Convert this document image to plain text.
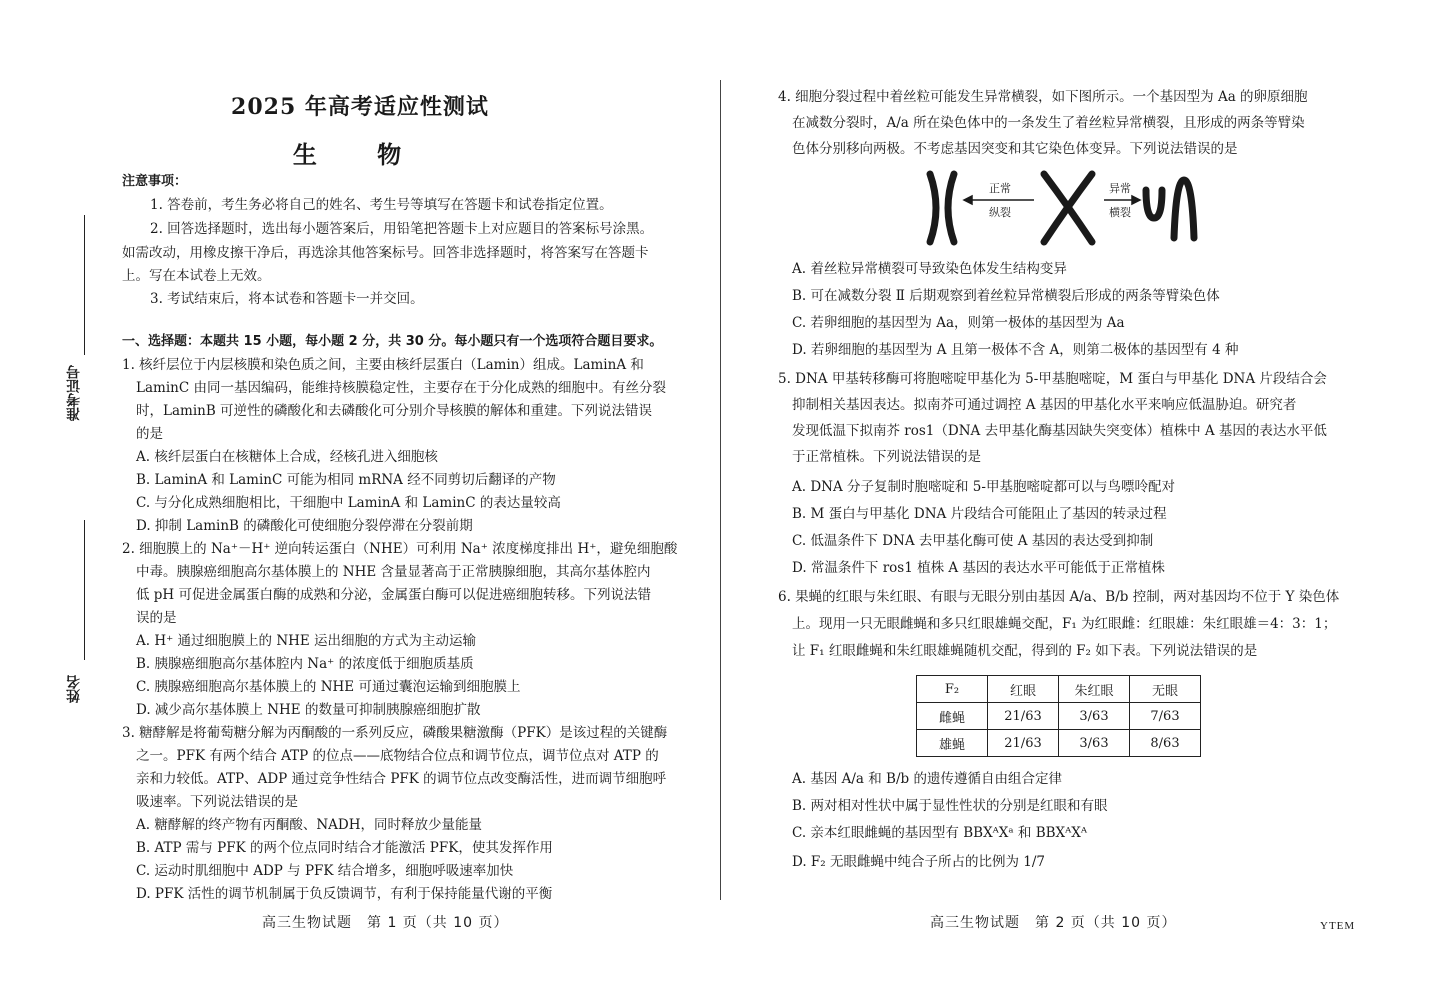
准考证号
姓名
2025 年高考适应性测试
生 物
注意事项：
1. 答卷前，考生务必将自己的姓名、考生号等填写在答题卡和试卷指定位置。
2. 回答选择题时，选出每小题答案后，用铅笔把答题卡上对应题目的答案标号涂黑。
如需改动，用橡皮擦干净后，再选涂其他答案标号。回答非选择题时，将答案写在答题卡
上。写在本试卷上无效。
3. 考试结束后，将本试卷和答题卡一并交回。
一、选择题：本题共 15 小题，每小题 2 分，共 30 分。每小题只有一个选项符合题目要求。
1. 核纤层位于内层核膜和染色质之间，主要由核纤层蛋白（Lamin）组成。LaminA 和
LaminC 由同一基因编码，能维持核膜稳定性，主要存在于分化成熟的细胞中。有丝分裂
时，LaminB 可逆性的磷酸化和去磷酸化可分别介导核膜的解体和重建。下列说法错误
的是
A. 核纤层蛋白在核糖体上合成，经核孔进入细胞核
B. LaminA 和 LaminC 可能为相同 mRNA 经不同剪切后翻译的产物
C. 与分化成熟细胞相比，干细胞中 LaminA 和 LaminC 的表达量较高
D. 抑制 LaminB 的磷酸化可使细胞分裂停滞在分裂前期
2. 细胞膜上的 Na⁺－H⁺ 逆向转运蛋白（NHE）可利用 Na⁺ 浓度梯度排出 H⁺，避免细胞酸
中毒。胰腺癌细胞高尔基体膜上的 NHE 含量显著高于正常胰腺细胞，其高尔基体腔内
低 pH 可促进金属蛋白酶的成熟和分泌，金属蛋白酶可以促进癌细胞转移。下列说法错
误的是
A. H⁺ 通过细胞膜上的 NHE 运出细胞的方式为主动运输
B. 胰腺癌细胞高尔基体腔内 Na⁺ 的浓度低于细胞质基质
C. 胰腺癌细胞高尔基体膜上的 NHE 可通过囊泡运输到细胞膜上
D. 减少高尔基体膜上 NHE 的数量可抑制胰腺癌细胞扩散
3. 糖酵解是将葡萄糖分解为丙酮酸的一系列反应，磷酸果糖激酶（PFK）是该过程的关键酶
之一。PFK 有两个结合 ATP 的位点——底物结合位点和调节位点，调节位点对 ATP 的
亲和力较低。ATP、ADP 通过竞争性结合 PFK 的调节位点改变酶活性，进而调节细胞呼
吸速率。下列说法错误的是
A. 糖酵解的终产物有丙酮酸、NADH，同时释放少量能量
B. ATP 需与 PFK 的两个位点同时结合才能激活 PFK，使其发挥作用
C. 运动时肌细胞中 ADP 与 PFK 结合增多，细胞呼吸速率加快
D. PFK 活性的调节机制属于负反馈调节，有利于保持能量代谢的平衡
高三生物试题　第 1 页（共 10 页）
4. 细胞分裂过程中着丝粒可能发生异常横裂，如下图所示。一个基因型为 Aa 的卵原细胞
在减数分裂时，A/a 所在染色体中的一条发生了着丝粒异常横裂，且形成的两条等臂染
色体分别移向两极。不考虑基因突变和其它染色体变异。下列说法错误的是
正常
纵裂
异常
横裂
A. 着丝粒异常横裂可导致染色体发生结构变异
B. 可在减数分裂 Ⅱ 后期观察到着丝粒异常横裂后形成的两条等臂染色体
C. 若卵细胞的基因型为 Aa，则第一极体的基因型为 Aa
D. 若卵细胞的基因型为 A 且第一极体不含 A，则第二极体的基因型有 4 种
5. DNA 甲基转移酶可将胞嘧啶甲基化为 5-甲基胞嘧啶，M 蛋白与甲基化 DNA 片段结合会
抑制相关基因表达。拟南芥可通过调控 A 基因的甲基化水平来响应低温胁迫。研究者
发现低温下拟南芥 ros1（DNA 去甲基化酶基因缺失突变体）植株中 A 基因的表达水平低
于正常植株。下列说法错误的是
A. DNA 分子复制时胞嘧啶和 5-甲基胞嘧啶都可以与鸟嘌呤配对
B. M 蛋白与甲基化 DNA 片段结合可能阻止了基因的转录过程
C. 低温条件下 DNA 去甲基化酶可使 A 基因的表达受到抑制
D. 常温条件下 ros1 植株 A 基因的表达水平可能低于正常植株
6. 果蝇的红眼与朱红眼、有眼与无眼分别由基因 A/a、B/b 控制，两对基因均不位于 Y 染色体
上。现用一只无眼雌蝇和多只红眼雄蝇交配，F₁ 为红眼雌：红眼雄：朱红眼雄＝4：3：1；
让 F₁ 红眼雌蝇和朱红眼雄蝇随机交配，得到的 F₂ 如下表。下列说法错误的是
F₂	红眼	朱红眼	无眼
雌蝇	21/63	3/63	7/63
雄蝇	21/63	3/63	8/63
A. 基因 A/a 和 B/b 的遗传遵循自由组合定律
B. 两对相对性状中属于显性性状的分别是红眼和有眼
C. 亲本红眼雌蝇的基因型有 BBXᴬXᵃ 和 BBXᴬXᴬ
D. F₂ 无眼雌蝇中纯合子所占的比例为 1/7
高三生物试题　第 2 页（共 10 页）	YTEM
